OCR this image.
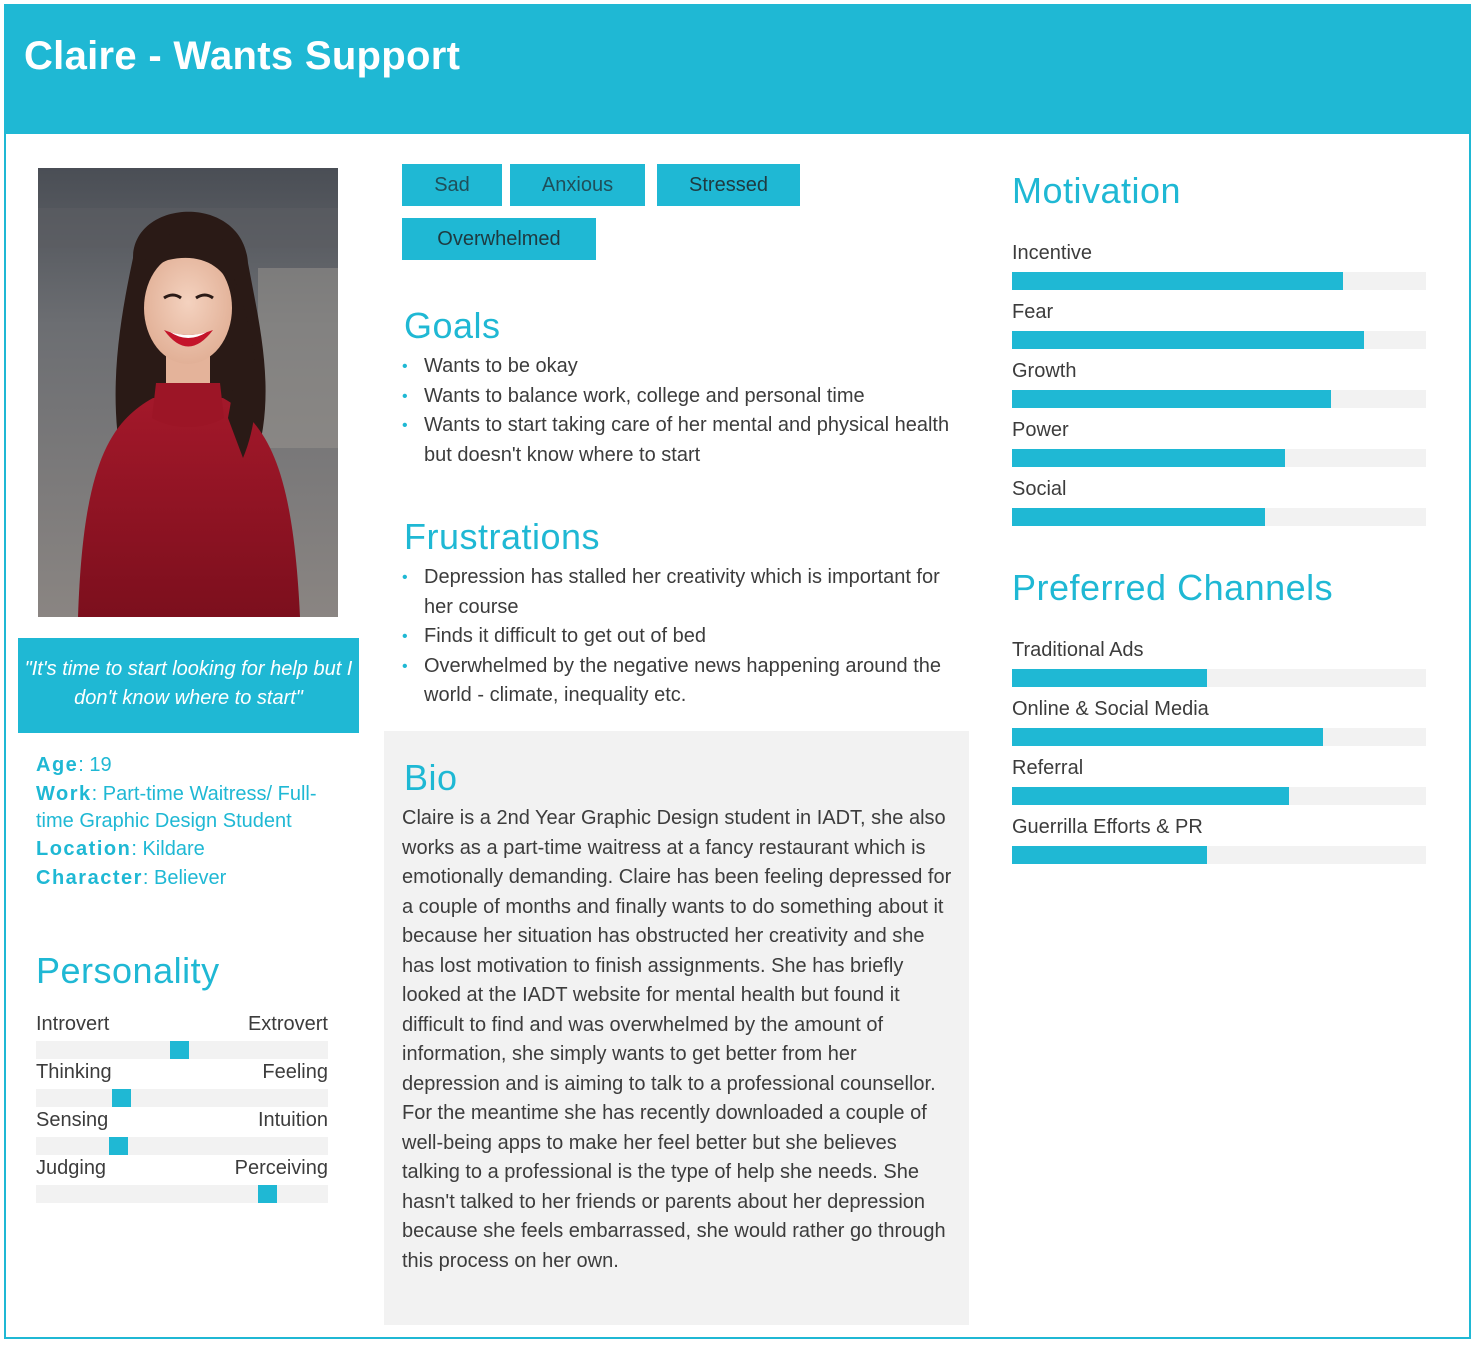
Claire - Wants Support
"It's time to start looking for help but I don't know where to start"
Age: 19
Work: Part-time Waitress/ Full-time Graphic Design Student
Location: Kildare
Character: Believer
Personality
Introvert	Extrovert
Thinking	Feeling
Sensing	Intuition
Judging	Perceiving
Sad	Anxious	Stressed
Overwhelmed
Goals
• Wants to be okay
• Wants to balance work, college and personal time
• Wants to start taking care of her mental and physical health but doesn't know where to start
Frustrations
• Depression has stalled her creativity which is important for her course
• Finds it difficult to get out of bed
• Overwhelmed by the negative news happening around the world - climate, inequality etc.
Bio
Claire is a 2nd Year Graphic Design student in IADT, she also works as a part-time waitress at a fancy restaurant which is emotionally demanding. Claire has been feeling depressed for a couple of months and finally wants to do something about it because her situation has obstructed her creativity and she has lost motivation to finish assignments. She has briefly looked at the IADT website for mental health but found it difficult to find and was overwhelmed by the amount of information, she simply wants to get better from her depression and is aiming to talk to a professional counsellor. For the meantime she has recently downloaded a couple of well-being apps to make her feel better but she believes talking to a professional is the type of help she needs. She hasn't talked to her friends or parents about her depression because she feels embarrassed, she would rather go through this process on her own.
Motivation
Incentive
Fear
Growth
Power
Social
Preferred Channels
Traditional Ads
Online & Social Media
Referral
Guerrilla Efforts & PR
